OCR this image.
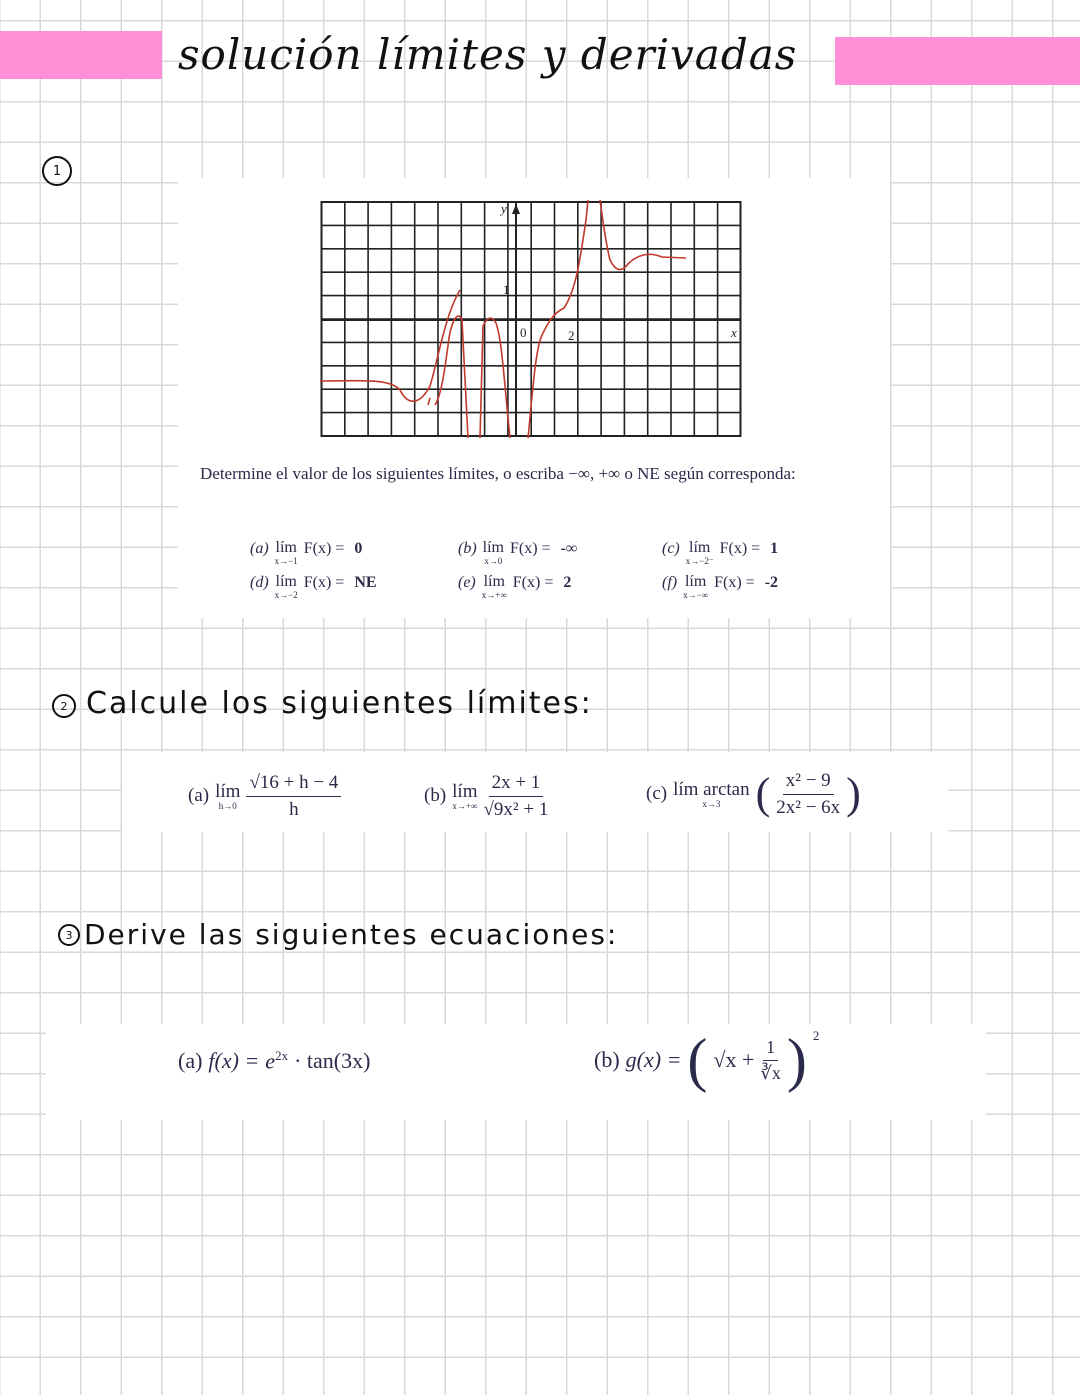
solución límites y derivadas
1
y
x
1
0	2
Determine el valor de los siguientes límites, o escriba −∞, +∞ o NE según corresponda:
(a) lím
x→−1
F(x) = 0	(b) lím
x→0
F(x) = -∞	(c) lím
x→−2⁻
F(x) = 1
(d) lím
x→−2
F(x) = NE	(e) lím
x→+∞
F(x) = 2	(f) lím
x→−∞
F(x) = -2
2 Calcule los siguientes límites:
(a) lím
$h\to 0 \frac{√16 + h - 4}{h}$	(b) lím
$x\to+\infty \frac{2x + 1}{\text{√9x² + 1}}$	(c) lím arctan
x→3 ( $\frac{\text{x² − 9}}{\text{2x² − 6x}}$ )
3 Derive las siguientes ecuaciones:
(a) $f(x) = e^{2x} \cdot \tan(3x)$	(b) g(x) = ( $√x + \frac{1}{∛x}$ ) 2
